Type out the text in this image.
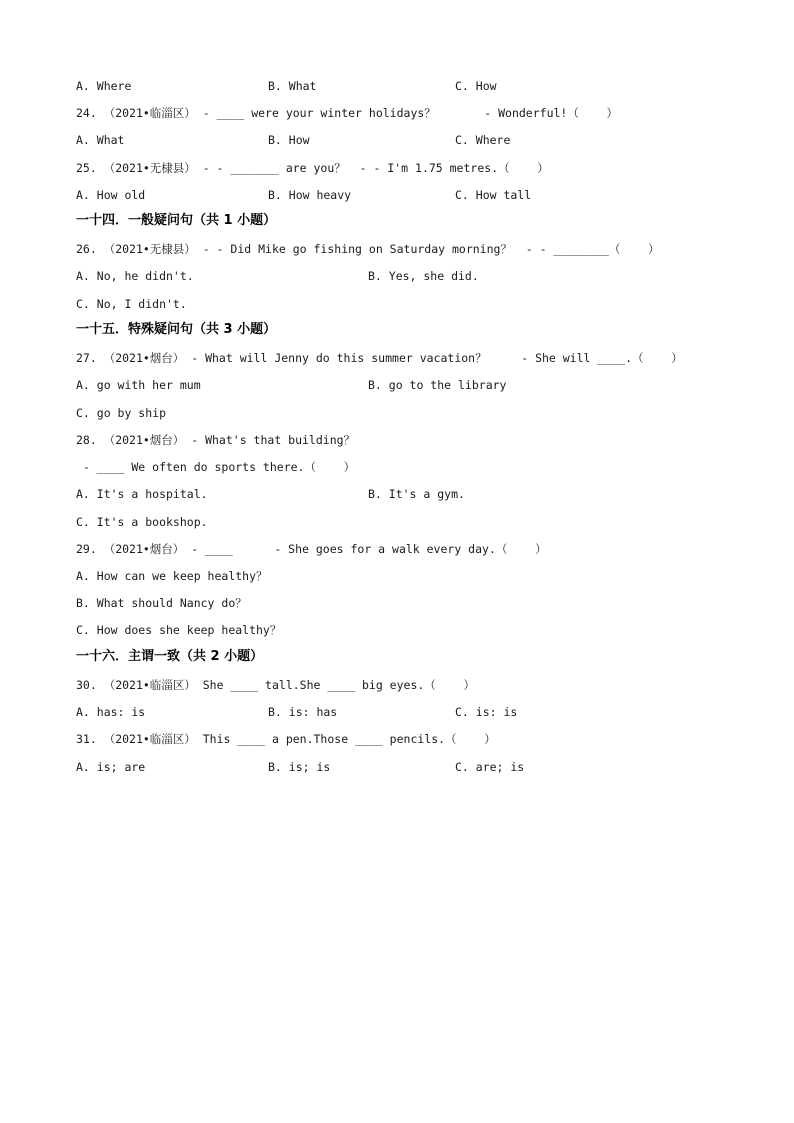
A. Where	B. What	C. How
24. （2021•临淄区） - ____ were your winter holidays？       - Wonderful!（    ）
A. What	B. How	C. Where
25. （2021•无棣县） - - _______ are you？  - - I'm 1.75 metres.（    ）
A. How old	B. How heavy	C. How tall
一十四．一般疑问句（共 1 小题）
26. （2021•无棣县） - - Did Mike go fishing on Saturday morning？  - - ________（    ）
A. No, he didn't.	B. Yes, she did.
C. No, I didn't.
一十五．特殊疑问句（共 3 小题）
27. （2021•烟台） - What will Jenny do this summer vacation？     - She will ____.（    ）
A. go with her mum	B. go to the library
C. go by ship
28. （2021•烟台） - What's that building？
- ____ We often do sports there.（    ）
A. It's a hospital.	B. It's a gym.
C. It's a bookshop.
29. （2021•烟台） - ____      - She goes for a walk every day.（    ）
A. How can we keep healthy？
B. What should Nancy do？
C. How does she keep healthy？
一十六．主谓一致（共 2 小题）
30. （2021•临淄区） She ____ tall.She ____ big eyes.（    ）
A. has: is	B. is: has	C. is: is
31. （2021•临淄区） This ____ a pen.Those ____ pencils.（    ）
A. is; are	B. is; is	C. are; is
